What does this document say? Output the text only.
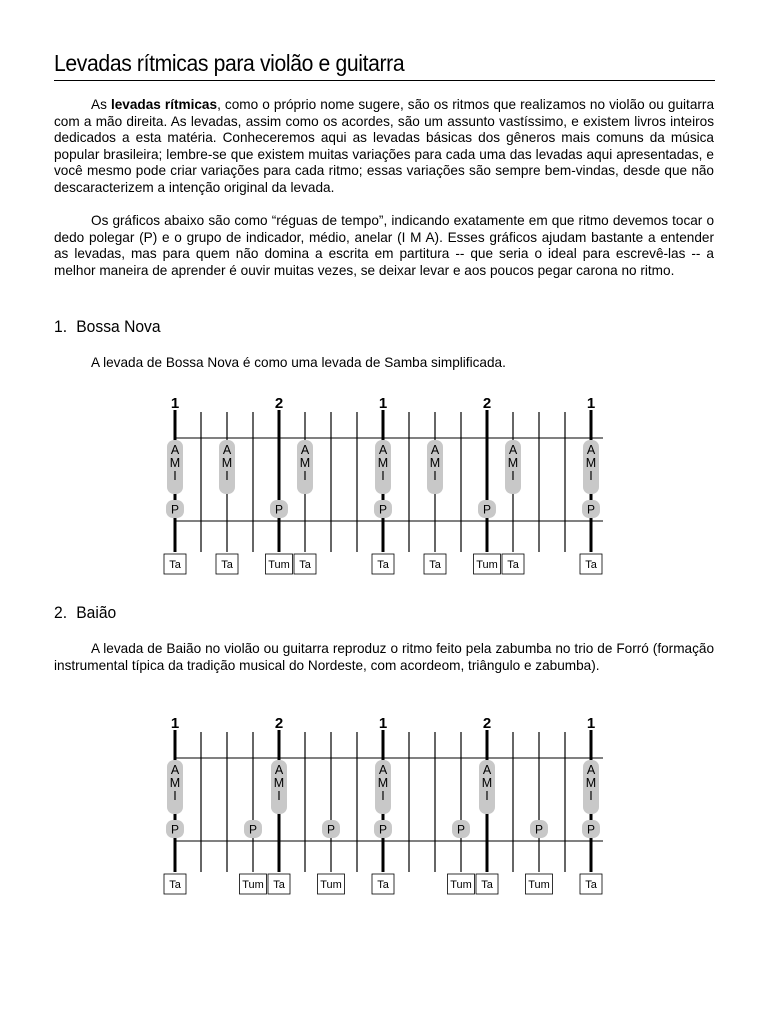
Levadas rítmicas para violão e guitarra

As levadas rítmicas, como o próprio nome sugere, são os ritmos que realizamos no violão ou guitarra com a mão direita. As levadas, assim como os acordes, são um assunto vastíssimo, e existem livros inteiros dedicados a esta matéria. Conheceremos aqui as levadas básicas dos gêneros mais comuns da música popular brasileira; lembre-se que existem muitas variações para cada uma das levadas aqui apresentadas, e você mesmo pode criar variações para cada ritmo; essas variações são sempre bem-vindas, desde que não descaracterizem a intenção original da levada.

Os gráficos abaixo são como “réguas de tempo”, indicando exatamente em que ritmo devemos tocar o dedo polegar (P) e o grupo de indicador, médio, anelar (I M A). Esses gráficos ajudam bastante a entender as levadas, mas para quem não domina a escrita em partitura -- que seria o ideal para escrevê-las -- a melhor maneira de aprender é ouvir muitas vezes, se deixar levar e aos poucos pegar carona no ritmo.

1. Bossa Nova

A levada de Bossa Nova é como uma levada de Samba simplificada.

1	2	1	2	1
A
M
I
A
M
I
A
M
I
A
M
I
A
M
I
A
M
I
A
M
I
P	P	P	P	P
Ta	Ta	Tum Ta	Ta	Ta	Tum Ta	Ta
2. Baião

A levada de Baião no violão ou guitarra reproduz o ritmo feito pela zabumba no trio de Forró (formação instrumental típica da tradição musical do Nordeste, com acordeom, triângulo e zabumba).

1	2	1	2	1
A
M
I
A
M
I
A
M
I
A
M
I
A
M
I
P	P	P	P	P	P	P
Ta	Tum Ta	Tum	Ta	Tum Ta	Tum	Ta
